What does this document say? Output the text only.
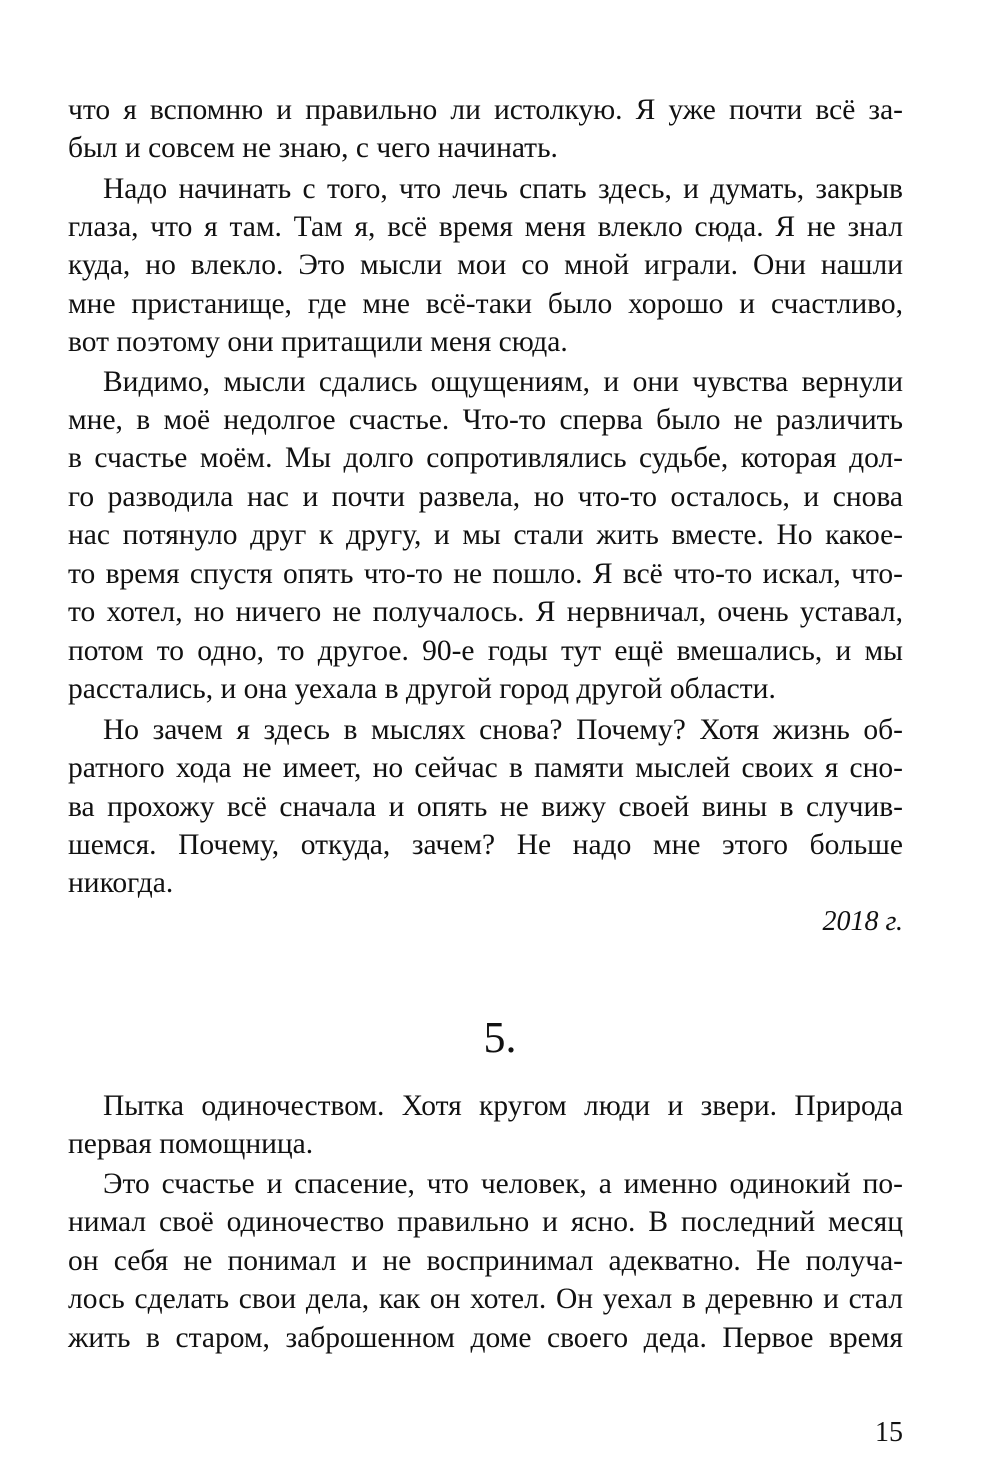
что я вспомню и правильно ли истолкую. Я уже почти всё за-
был и совсем не знаю, с чего начинать.
Надо начинать с того, что лечь спать здесь, и думать, закрыв
глаза, что я там. Там я, всё время меня влекло сюда. Я не знал
куда, но влекло. Это мысли мои со мной играли. Они нашли
мне пристанище, где мне всё-таки было хорошо и счастливо,
вот поэтому они притащили меня сюда.
Видимо, мысли сдались ощущениям, и они чувства вернули
мне, в моё недолгое счастье. Что-то сперва было не различить
в счастье моём. Мы долго сопротивлялись судьбе, которая дол-
го разводила нас и почти развела, но что-то осталось, и снова
нас потянуло друг к другу, и мы стали жить вместе. Но какое-
то время спустя опять что-то не пошло. Я всё что-то искал, что-
то хотел, но ничего не получалось. Я нервничал, очень уставал,
потом то одно, то другое. 90-е годы тут ещё вмешались, и мы
расстались, и она уехала в другой город другой области.
Но зачем я здесь в мыслях снова? Почему? Хотя жизнь об-
ратного хода не имеет, но сейчас в памяти мыслей своих я сно-
ва прохожу всё сначала и опять не вижу своей вины в случив-
шемся. Почему, откуда, зачем? Не надо мне этого больше
никогда.
2018 г.
5.
Пытка одиночеством. Хотя кругом люди и звери. Природа
первая помощница.
Это счастье и спасение, что человек, а именно одинокий по-
нимал своё одиночество правильно и ясно. В последний месяц
он себя не понимал и не воспринимал адекватно. Не получа-
лось сделать свои дела, как он хотел. Он уехал в деревню и стал
жить в старом, заброшенном доме своего деда. Первое время
15
